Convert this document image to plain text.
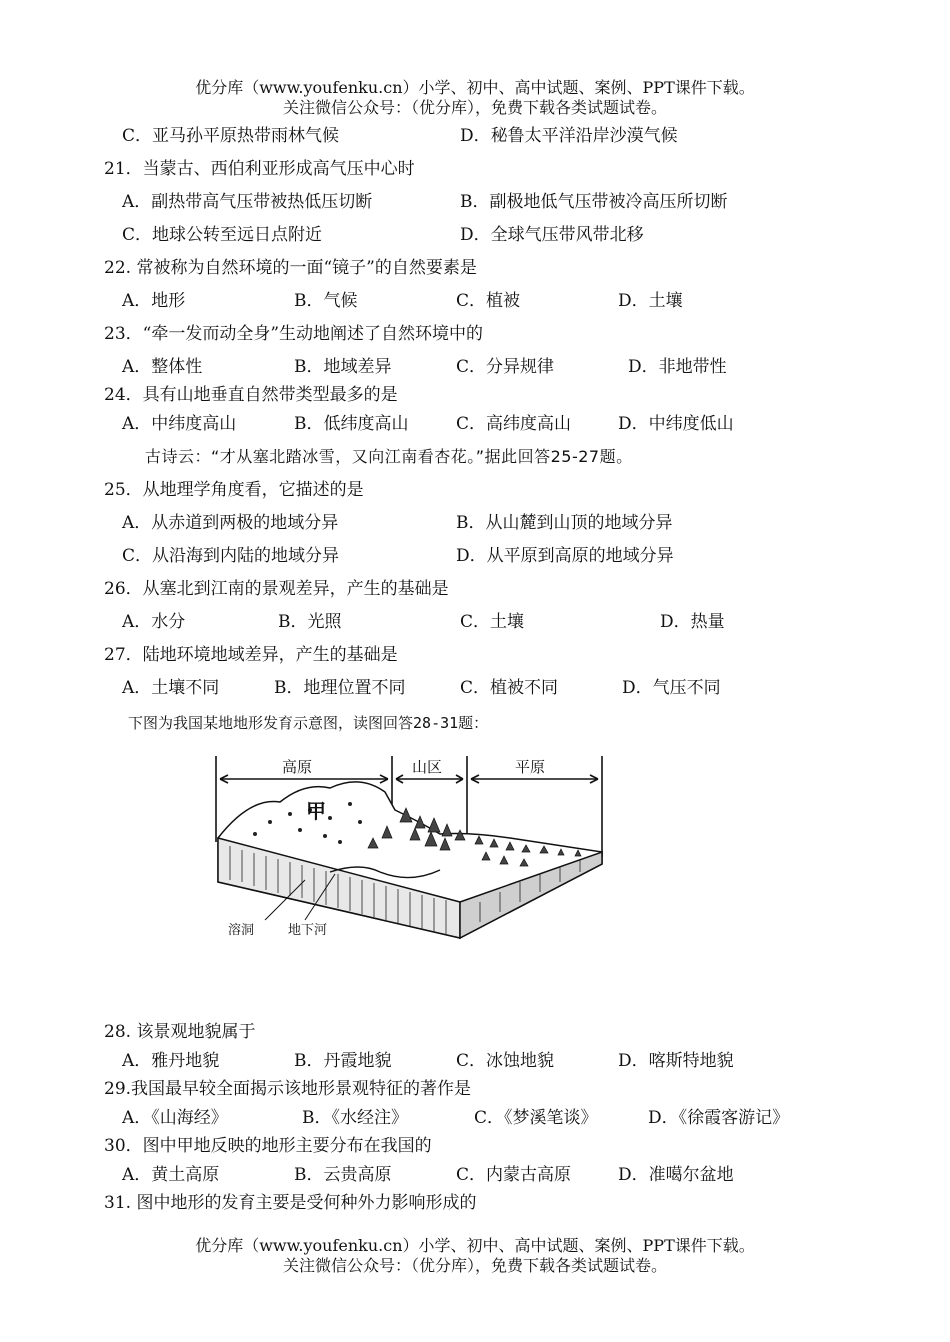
优分库（www.youfenku.cn）小学、初中、高中试题、案例、PPT课件下载。
关注微信公众号：（优分库），免费下载各类试题试卷。
C．亚马孙平原热带雨林气候	D．秘鲁太平洋沿岸沙漠气候
21．当蒙古、西伯利亚形成高气压中心时
A．副热带高气压带被热低压切断	B．副极地低气压带被冷高压所切断
C．地球公转至远日点附近	D．全球气压带风带北移
22. 常被称为自然环境的一面“镜子”的自然要素是
A．地形	B．气候	C．植被	D．土壤
23．“牵一发而动全身”生动地阐述了自然环境中的
A．整体性	B．地域差异	C．分异规律	D．非地带性
24．具有山地垂直自然带类型最多的是
A．中纬度高山	B．低纬度高山	C．高纬度高山	D．中纬度低山
古诗云：“才从塞北踏冰雪，又向江南看杏花。”据此回答25-27题。
25．从地理学角度看，它描述的是
A．从赤道到两极的地域分异	B．从山麓到山顶的地域分异
C．从沿海到内陆的地域分异	D．从平原到高原的地域分异
26．从塞北到江南的景观差异，产生的基础是
A．水分	B．光照	C．土壤	D．热量
27．陆地环境地域差异，产生的基础是
A．土壤不同	B．地理位置不同	C．植被不同	D．气压不同
下图为我国某地地形发育示意图，读图回答28-31题：
高原	山区	平原
甲
溶洞	地下河
28. 该景观地貌属于
A．雅丹地貌	B．丹霞地貌	C．冰蚀地貌	D．喀斯特地貌
29.我国最早较全面揭示该地形景观特征的著作是
A．《山海经》	B．《水经注》	C．《梦溪笔谈》	D．《徐霞客游记》
30．图中甲地反映的地形主要分布在我国的
A．黄土高原	B．云贵高原	C．内蒙古高原	D．准噶尔盆地
31. 图中地形的发育主要是受何种外力影响形成的
优分库（www.youfenku.cn）小学、初中、高中试题、案例、PPT课件下载。
关注微信公众号：（优分库），免费下载各类试题试卷。
